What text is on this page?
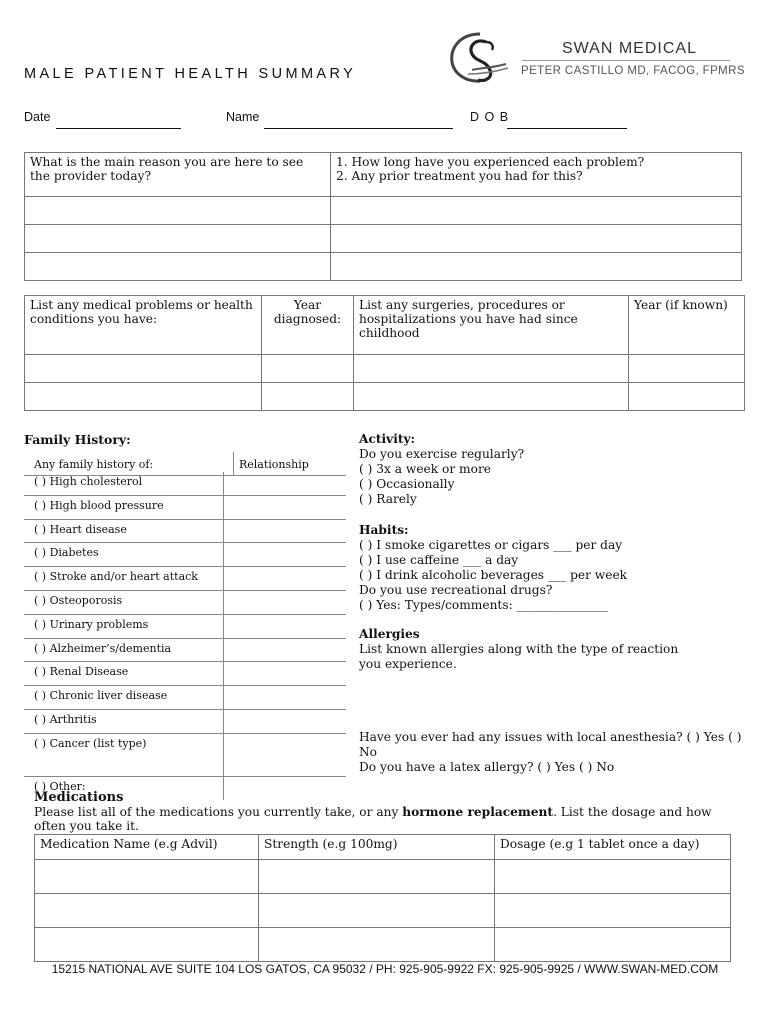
MALE PATIENT HEALTH SUMMARY
SWAN MEDICAL
PETER CASTILLO MD, FACOG, FPMRS
Date	Name	D O B
What is the main reason you are here to see the provider today?	1. How long have you experienced each problem?
2. Any prior treatment you had for this?

List any medical problems or health conditions you have:	Year diagnosed:	List any surgeries, procedures or hospitalizations you have had since childhood	Year (if known)

Family History:
Any family history of:	Relationship
( ) High cholesterol
( ) High blood pressure
( ) Heart disease
( ) Diabetes
( ) Stroke and/or heart attack
( ) Osteoporosis
( ) Urinary problems
( ) Alzheimer’s/dementia
( ) Renal Disease
( ) Chronic liver disease
( ) Arthritis
( ) Cancer (list type)
( ) Other:
Activity:
Do you exercise regularly?
( ) 3x a week or more
( ) Occasionally
( ) Rarely
Habits:
( ) I smoke cigarettes or cigars ___ per day
( ) I use caffeine ___ a day
( ) I drink alcoholic beverages ___ per week
Do you use recreational drugs?
( ) Yes: Types/comments: _______________
Allergies
List known allergies along with the type of reaction you experience.
Have you ever had any issues with local anesthesia? ( ) Yes ( ) No
Do you have a latex allergy? ( ) Yes ( ) No
Medications
Please list all of the medications you currently take, or any hormone replacement. List the dosage and how often you take it.
Medication Name (e.g Advil)	Strength (e.g 100mg)	Dosage (e.g 1 tablet once a day)

15215 NATIONAL AVE SUITE 104 LOS GATOS, CA 95032 / PH: 925-905-9922 FX: 925-905-9925 / WWW.SWAN-MED.COM
